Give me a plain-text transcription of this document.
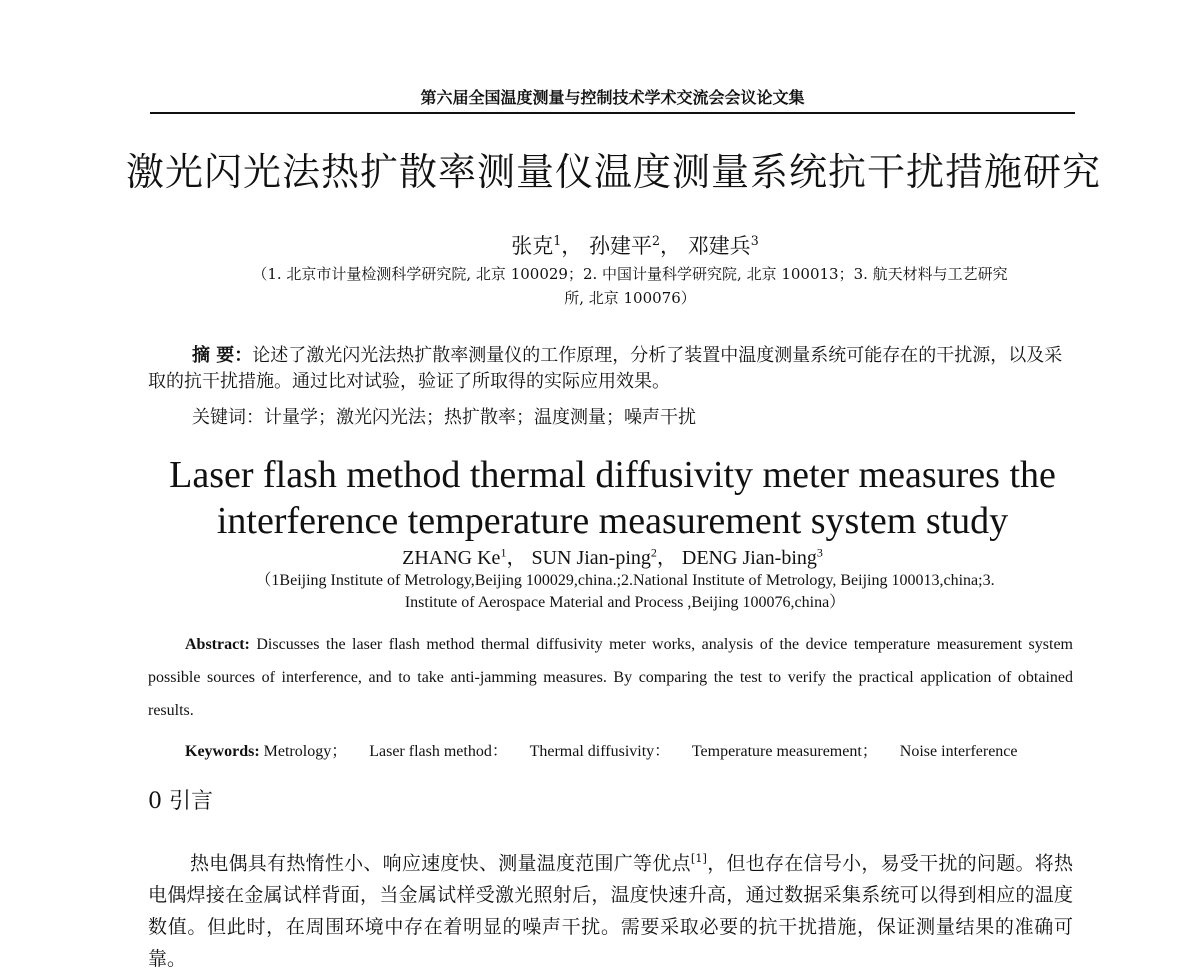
第六届全国温度测量与控制技术学术交流会会议论文集
激光闪光法热扩散率测量仪温度测量系统抗干扰措施研究
张克$^1$， 孙建平$^2$， 邓建兵$^3$
（1. 北京市计量检测科学研究院, 北京 100029；2. 中国计量科学研究院, 北京 100013；3. 航天材料与工艺研究
所, 北京 100076）
摘 要：论述了激光闪光法热扩散率测量仪的工作原理，分析了装置中温度测量系统可能存在的干扰源，以及采取的抗干扰措施。通过比对试验，验证了所取得的实际应用效果。
关键词：计量学；激光闪光法；热扩散率；温度测量；噪声干扰
Laser flash method thermal diffusivity meter measures the
interference temperature measurement system study
ZHANG Ke$^1$， SUN Jian-ping$^2$， DENG Jian-bing$^3$
（1Beijing Institute of Metrology,Beijing 100029,china.;2.National Institute of Metrology, Beijing 100013,china;3.
Institute of Aerospace Material and Process ,Beijing 100076,china）
Abstract: Discusses the laser flash method thermal diffusivity meter works, analysis of the device temperature measurement system possible sources of interference, and to take anti-jamming measures. By comparing the test to verify the practical application of obtained results.
Keywords: Metrology； Laser flash method： Thermal diffusivity： Temperature measurement； Noise interference
0 引言
热电偶具有热惰性小、响应速度快、测量温度范围广等优点[1]，但也存在信号小，易受干扰的问题。将热电偶焊接在金属试样背面，当金属试样受激光照射后，温度快速升高，通过数据采集系统可以得到相应的温度数值。但此时，在周围环境中存在着明显的噪声干扰。需要采取必要的抗干扰措施，保证测量结果的准确可靠。
